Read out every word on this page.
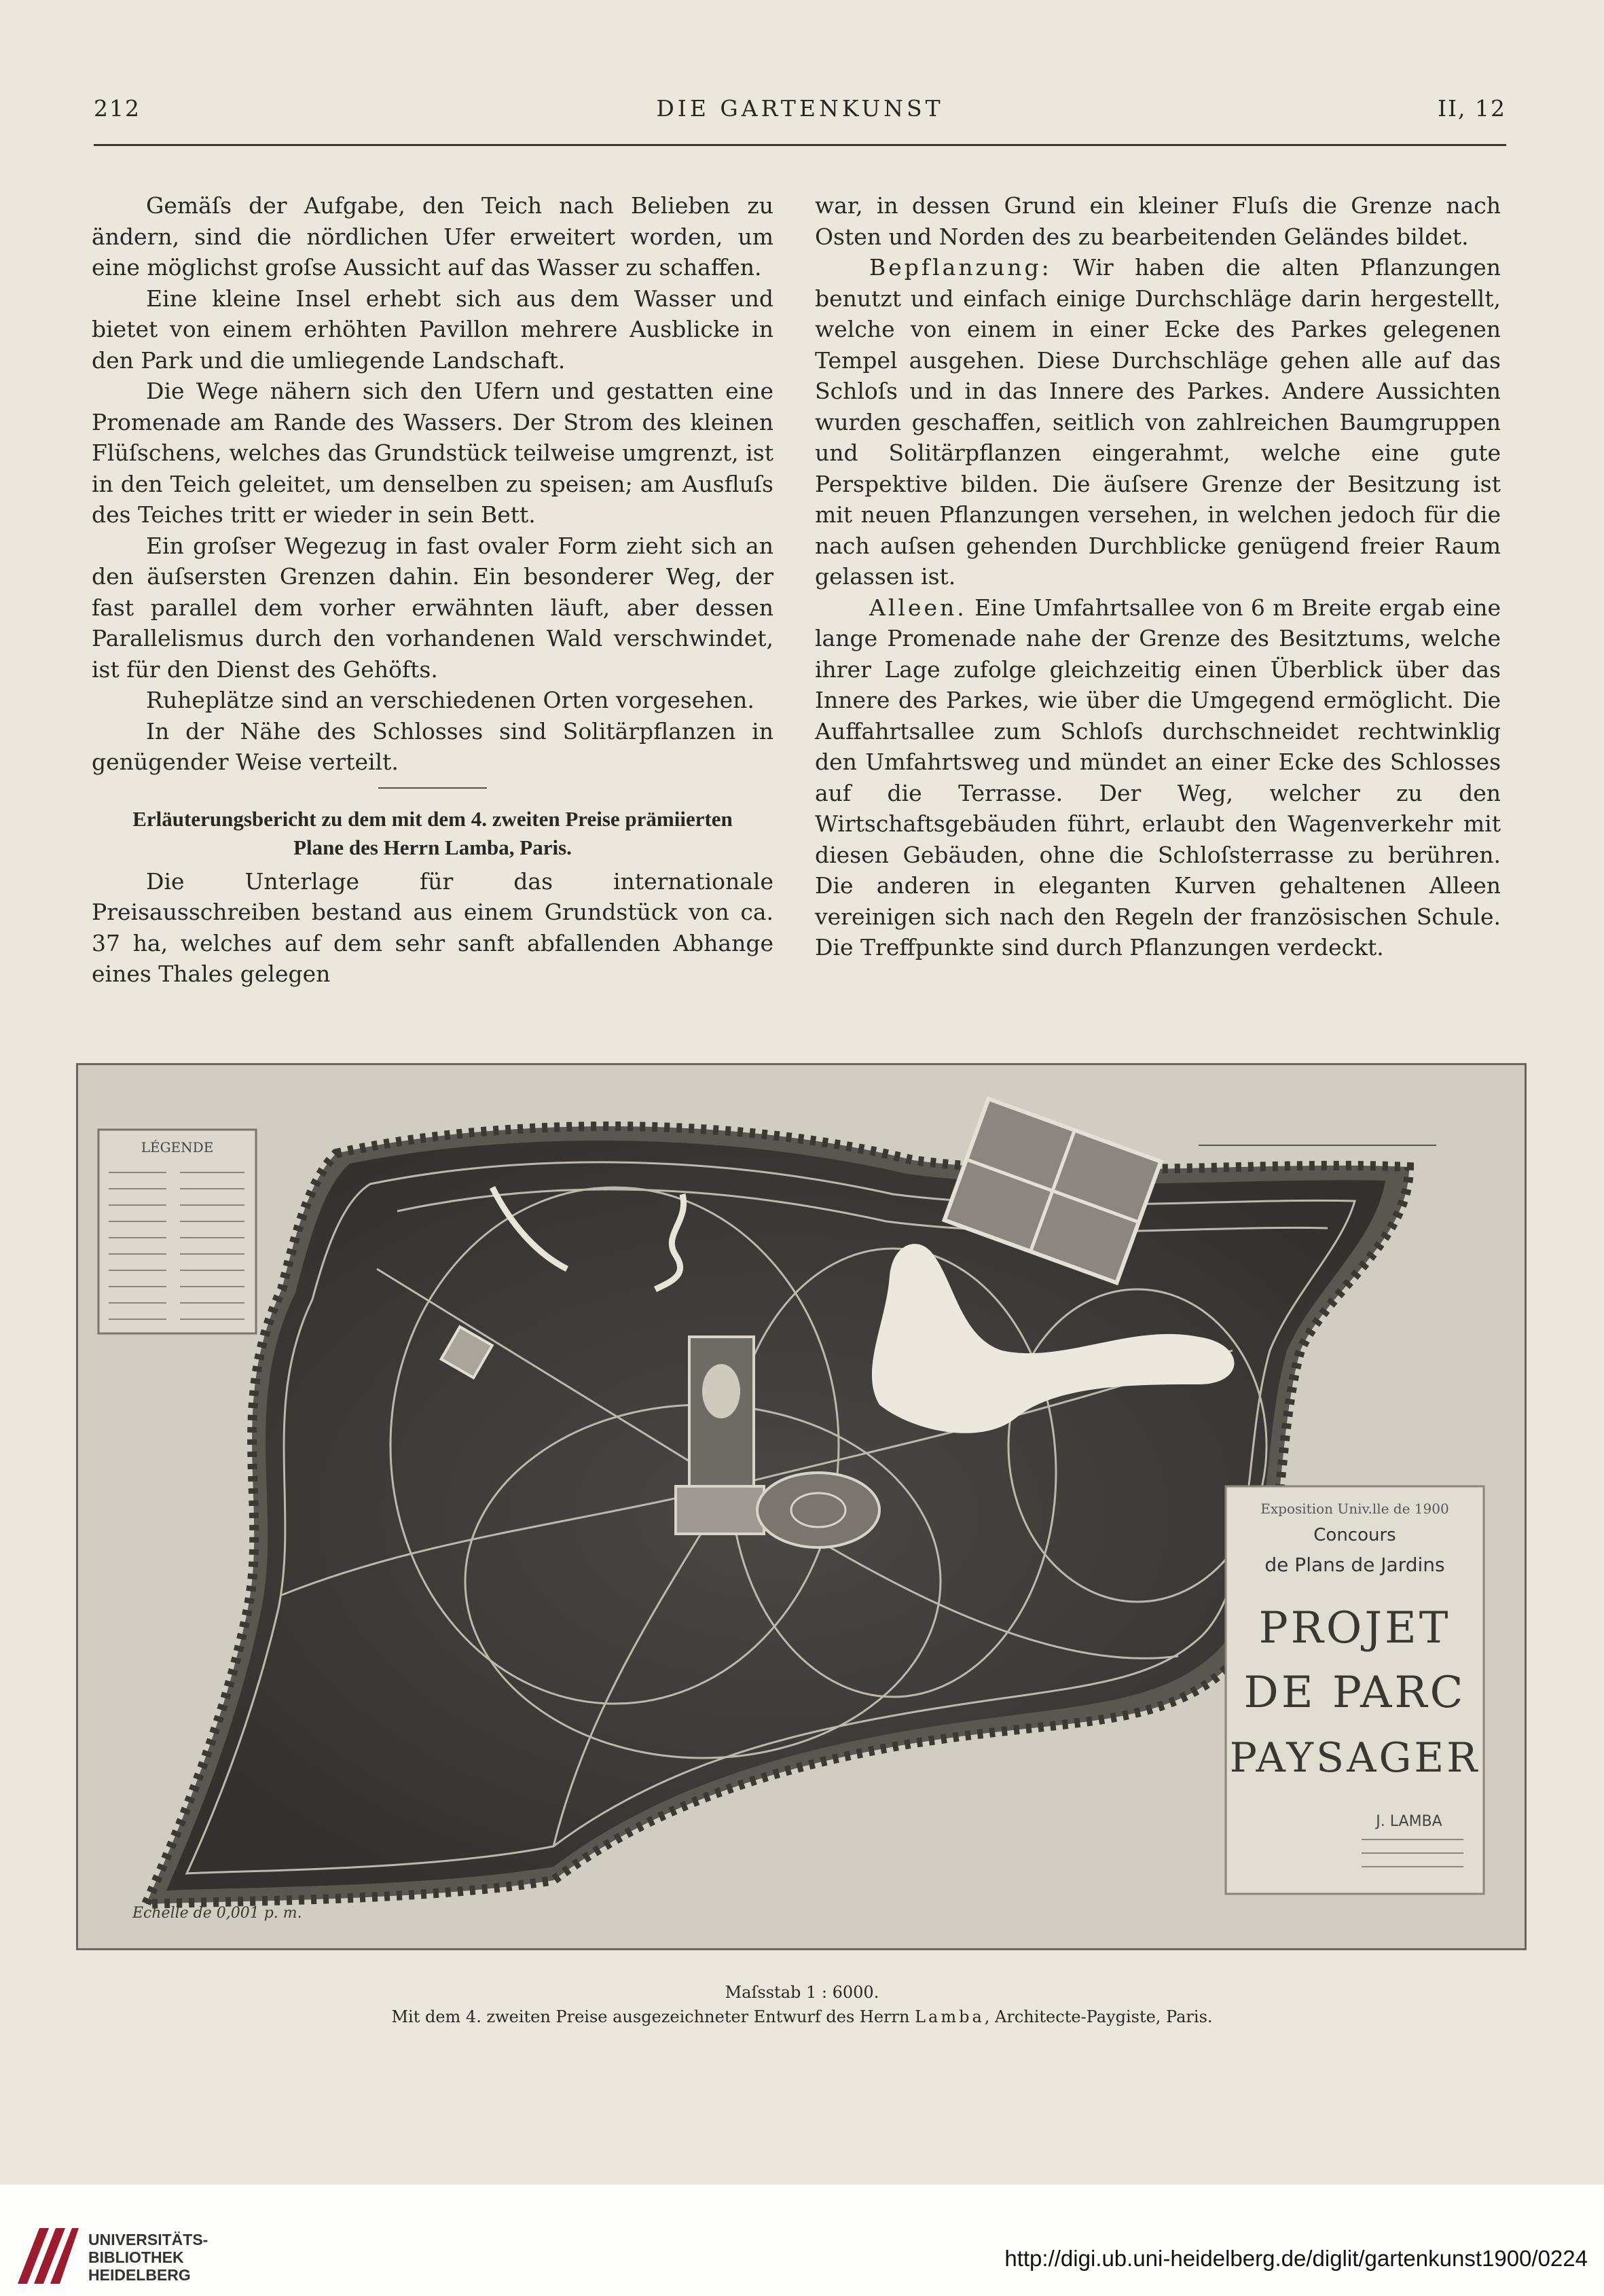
212	DIE GARTENKUNST	II, 12

Gemäſs der Aufgabe, den Teich nach Belieben zu ändern, sind die nördlichen Ufer erweitert worden, um eine möglichst groſse Aussicht auf das Wasser zu schaffen.

Eine kleine Insel erhebt sich aus dem Wasser und bietet von einem erhöhten Pavillon mehrere Ausblicke in den Park und die umliegende Landschaft.

Die Wege nähern sich den Ufern und gestatten eine Promenade am Rande des Wassers. Der Strom des kleinen Flüſschens, welches das Grundstück teilweise umgrenzt, ist in den Teich geleitet, um denselben zu speisen; am Ausfluſs des Teiches tritt er wieder in sein Bett.

Ein groſser Wegezug in fast ovaler Form zieht sich an den äuſsersten Grenzen dahin. Ein besonderer Weg, der fast parallel dem vorher erwähnten läuft, aber dessen Parallelismus durch den vorhandenen Wald verschwindet, ist für den Dienst des Gehöfts.

Ruheplätze sind an verschiedenen Orten vorgesehen.

In der Nähe des Schlosses sind Solitärpflanzen in genügender Weise verteilt.

Erläuterungsbericht zu dem mit dem 4. zweiten Preise prämiierten
Plane des Herrn Lamba, Paris.

Die Unterlage für das internationale Preisausschreiben bestand aus einem Grundstück von ca. 37 ha, welches auf dem sehr sanft abfallenden Abhange eines Thales gelegen

war, in dessen Grund ein kleiner Fluſs die Grenze nach Osten und Norden des zu bearbeitenden Geländes bildet.

Bepflanzung: Wir haben die alten Pflanzungen benutzt und einfach einige Durchschläge darin hergestellt, welche von einem in einer Ecke des Parkes gelegenen Tempel ausgehen. Diese Durchschläge gehen alle auf das Schloſs und in das Innere des Parkes. Andere Aussichten wurden geschaffen, seitlich von zahlreichen Baumgruppen und Solitärpflanzen eingerahmt, welche eine gute Perspektive bilden. Die äuſsere Grenze der Besitzung ist mit neuen Pflanzungen versehen, in welchen jedoch für die nach auſsen gehenden Durchblicke genügend freier Raum gelassen ist.

Alleen. Eine Umfahrtsallee von 6 m Breite ergab eine lange Promenade nahe der Grenze des Besitztums, welche ihrer Lage zufolge gleichzeitig einen Überblick über das Innere des Parkes, wie über die Umgegend ermöglicht. Die Auffahrtsallee zum Schloſs durchschneidet rechtwinklig den Umfahrtsweg und mündet an einer Ecke des Schlosses auf die Terrasse. Der Weg, welcher zu den Wirtschaftsgebäuden führt, erlaubt den Wagenverkehr mit diesen Gebäuden, ohne die Schloſsterrasse zu berühren. Die anderen in eleganten Kurven gehaltenen Alleen vereinigen sich nach den Regeln der französischen Schule. Die Treffpunkte sind durch Pflanzungen verdeckt.

LÉGENDE
Echelle de 0,001 p. m.
Exposition Univ.lle de 1900
Concours
de Plans de Jardins
PROJET
DE PARC
PAYSAGER
J. LAMBA
Maſsstab 1 : 6000.
Mit dem 4. zweiten Preise ausgezeichneter Entwurf des Herrn Lamba, Architecte-Paygiste, Paris.
UNIVERSITÄTS-
BIBLIOTHEK
HEIDELBERG
http://digi.ub.uni-heidelberg.de/diglit/gartenkunst1900/0224
